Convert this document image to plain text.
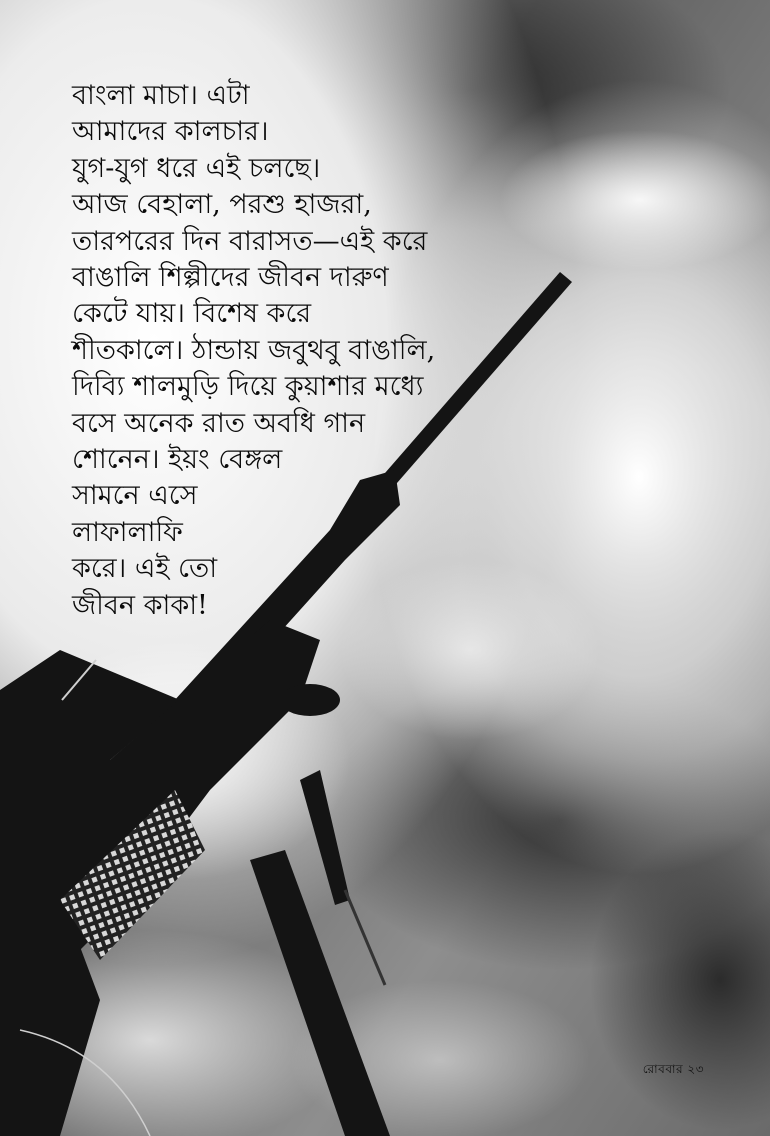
বাংলা মাচা। এটা
আমাদের কালচার।
যুগ-যুগ ধরে এই চলছে।
আজ বেহালা, পরশু হাজরা,
তারপরের দিন বারাসত—এই করে
বাঙালি শিল্পীদের জীবন দারুণ
কেটে যায়। বিশেষ করে
শীতকালে। ঠান্ডায় জবুথবু বাঙালি,
দিব্যি শালমুড়ি দিয়ে কুয়াশার মধ্যে
বসে অনেক রাত অবধি গান
শোনেন। ইয়ং বেঙ্গল
সামনে এসে
লাফালাফি
করে। এই তো
জীবন কাকা!
রোববার ২৩
